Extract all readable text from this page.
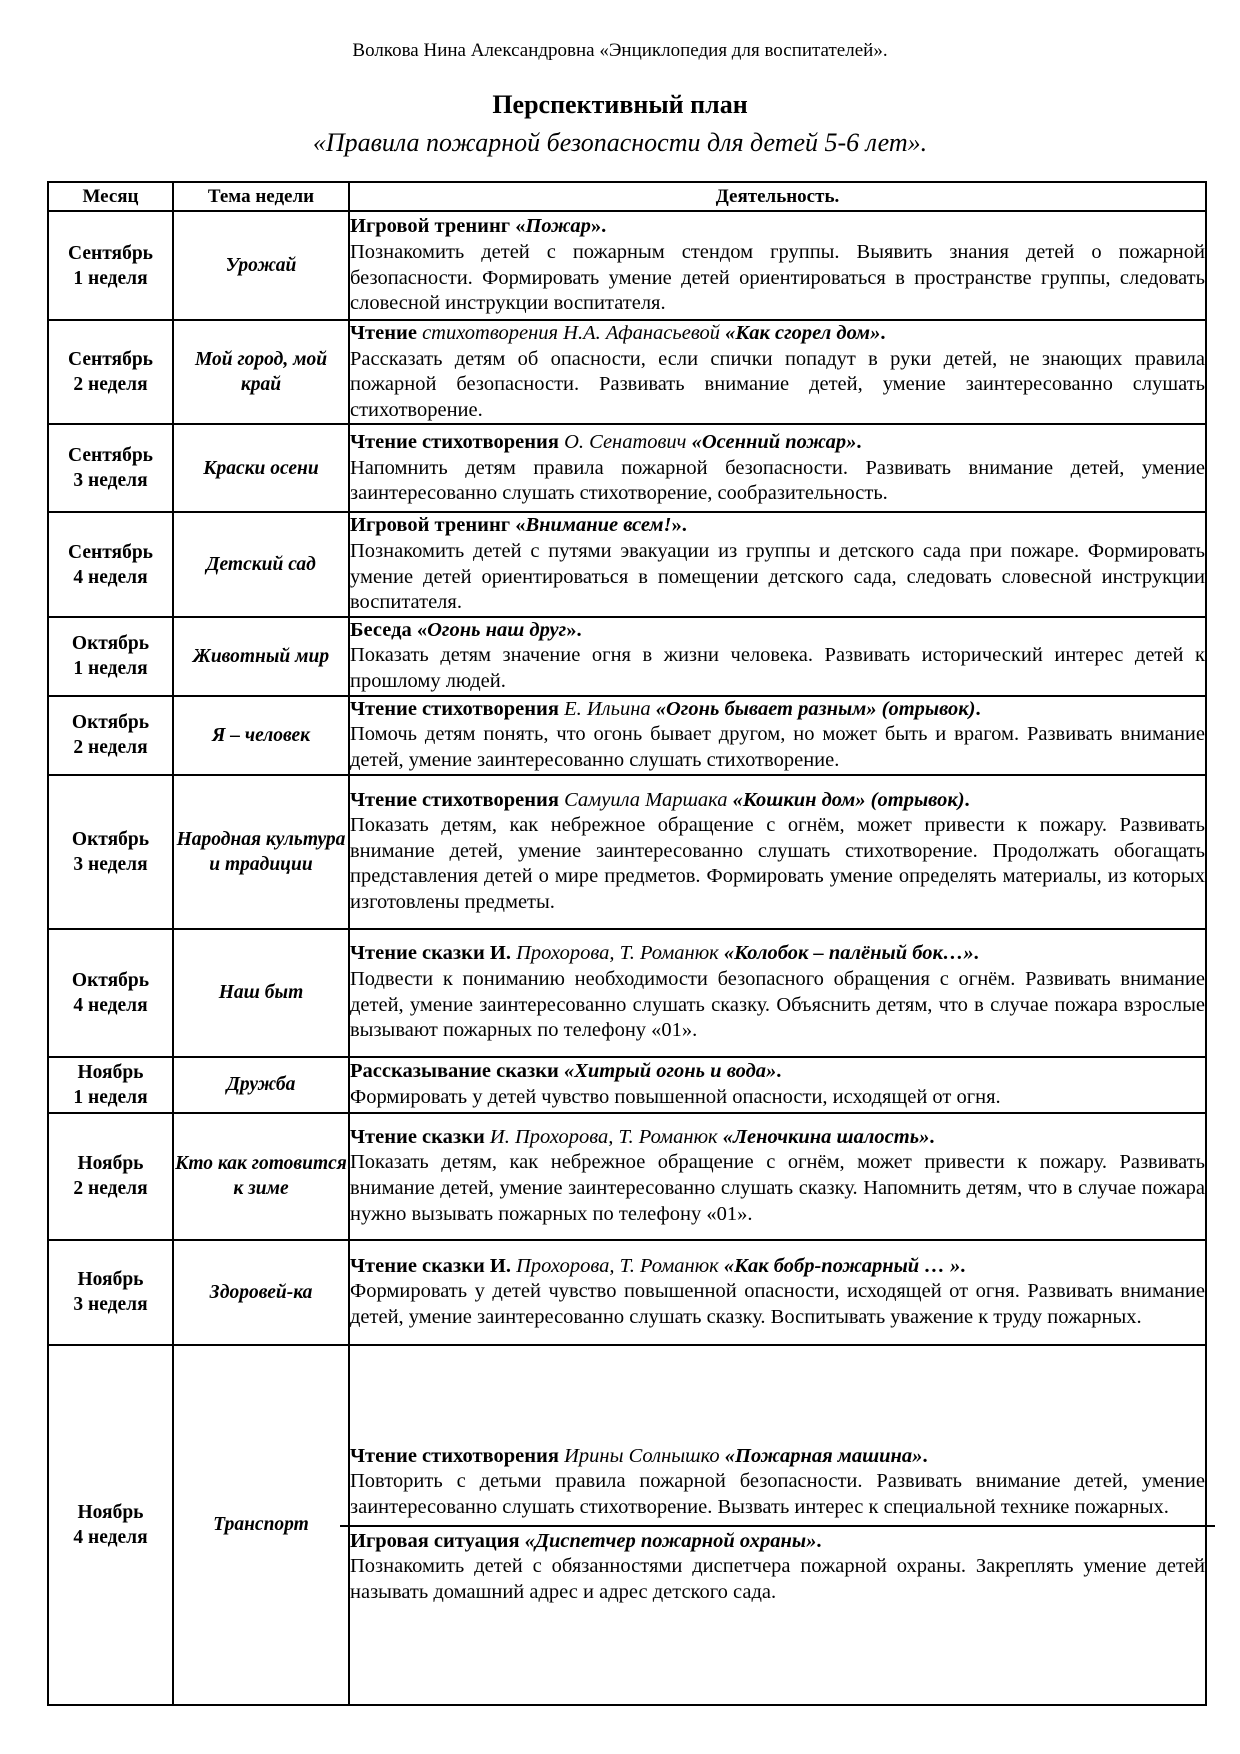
Волкова Нина Александровна «Энциклопедия для воспитателей».
Перспективный план
«Правила пожарной безопасности для детей 5-6 лет».
Месяц	Тема недели	Деятельность.
Сентябрь
1 неделя	Урожай	Игровой тренинг «Пожар».
Познакомить детей с пожарным стендом группы. Выявить знания детей о пожарной безопасности. Формировать умение детей ориентироваться в пространстве группы, следовать словесной инструкции воспитателя.

Сентябрь
2 неделя	Мой город, мой край	Чтение стихотворения Н.А. Афанасьевой «Как сгорел дом».
Рассказать детям об опасности, если спички попадут в руки детей, не знающих правила пожарной безопасности. Развивать внимание детей, умение заинтересованно слушать стихотворение.

Сентябрь
3 неделя	Краски осени	Чтение стихотворения О. Сенатович «Осенний пожар».
Напомнить детям правила пожарной безопасности. Развивать внимание детей, умение заинтересованно слушать стихотворение, сообразительность.

Сентябрь
4 неделя	Детский сад	Игровой тренинг «Внимание всем!».
Познакомить детей с путями эвакуации из группы и детского сада при пожаре. Формировать умение детей ориентироваться в помещении детского сада, следовать словесной инструкции воспитателя.

Октябрь
1 неделя	Животный мир	Беседа «Огонь наш друг».
Показать детям значение огня в жизни человека. Развивать исторический интерес детей к прошлому людей.

Октябрь
2 неделя	Я – человек	Чтение стихотворения Е. Ильина «Огонь бывает разным» (отрывок).
Помочь детям понять, что огонь бывает другом, но может быть и врагом. Развивать внимание детей, умение заинтересованно слушать стихотворение.

Октябрь
3 неделя	Народная культура и традиции	Чтение стихотворения Самуила Маршака «Кошкин дом» (отрывок).
Показать детям, как небрежное обращение с огнём, может привести к пожару. Развивать внимание детей, умение заинтересованно слушать стихотворение. Продолжать обогащать представления детей о мире предметов. Формировать умение определять материалы, из которых изготовлены предметы.

Октябрь
4 неделя	Наш быт	Чтение сказки И. Прохорова, Т. Романюк «Колобок – палёный бок…».
Подвести к пониманию необходимости безопасного обращения с огнём. Развивать внимание детей, умение заинтересованно слушать сказку. Объяснить детям, что в случае пожара взрослые вызывают пожарных по телефону «01».

Ноябрь
1 неделя	Дружба	Рассказывание сказки «Хитрый огонь и вода».
Формировать у детей чувство повышенной опасности, исходящей от огня.

Ноябрь
2 неделя	Кто как готовится к зиме	Чтение сказки И. Прохорова, Т. Романюк «Леночкина шалость».
Показать детям, как небрежное обращение с огнём, может привести к пожару. Развивать внимание детей, умение заинтересованно слушать сказку. Напомнить детям, что в случае пожара нужно вызывать пожарных по телефону «01».

Ноябрь
3 неделя	Здоровей-ка	Чтение сказки И. Прохорова, Т. Романюк «Как бобр-пожарный … ».
Формировать у детей чувство повышенной опасности, исходящей от огня. Развивать внимание детей, умение заинтересованно слушать сказку. Воспитывать уважение к труду пожарных.

Ноябрь
4 неделя	Транспорт	
Чтение стихотворения Ирины Солнышко «Пожарная машина».
Повторить с детьми правила пожарной безопасности. Развивать внимание детей, умение заинтересованно слушать стихотворение. Вызвать интерес к специальной технике пожарных.
Игровая ситуация «Диспетчер пожарной охраны».
Познакомить детей с обязанностями диспетчера пожарной охраны. Закреплять умение детей называть домашний адрес и адрес детского сада.
